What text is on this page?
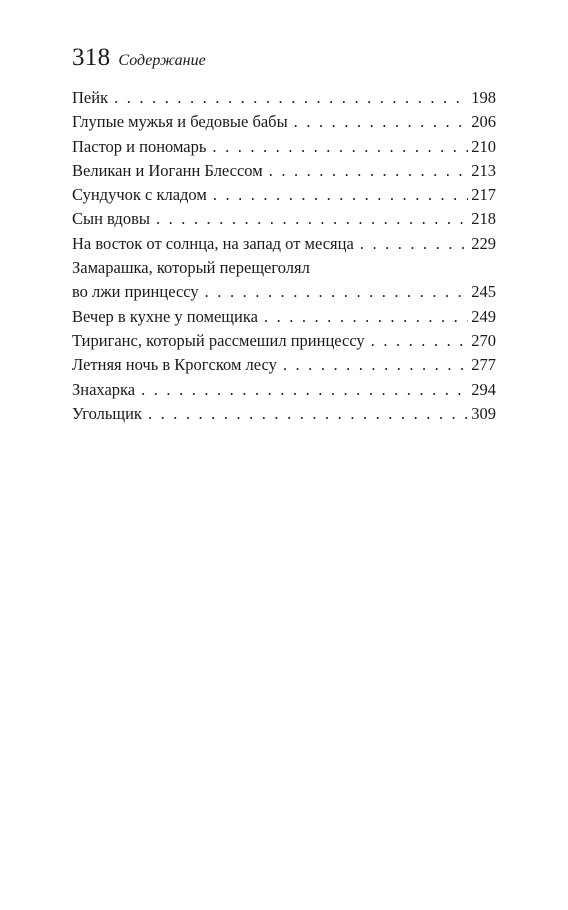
318 Содержание
Пейк . . .	198
Глупые мужья и бедовые бабы . . .	206
Пастор и пономарь . . .	210
Великан и Иоганн Блессом . . .	213
Сундучок с кладом . . .	217
Сын вдовы . . .	218
На восток от солнца, на запад от месяца . . .	229
Замарашка, который перещеголял
во лжи принцессу . . .	245
Вечер в кухне у помещика . . .	249
Тириганс, который рассмешил принцессу . . .	270
Летняя ночь в Крогском лесу . . .	277
Знахарка . . .	294
Угольщик . . .	309
